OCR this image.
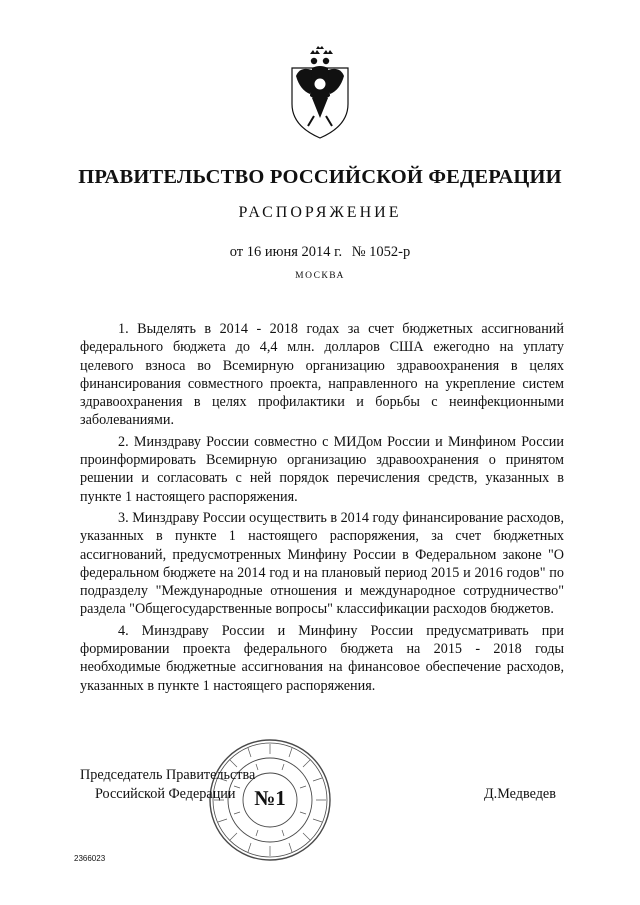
ПРАВИТЕЛЬСТВО РОССИЙСКОЙ ФЕДЕРАЦИИ
РАСПОРЯЖЕНИЕ
от 16 июня 2014 г. № 1052-р
МОСКВА

1. Выделять в 2014 - 2018 годах за счет бюджетных ассигнований федерального бюджета до 4,4 млн. долларов США ежегодно на уплату целевого взноса во Всемирную организацию здравоохранения в целях финансирования совместного проекта, направленного на укрепление систем здравоохранения в целях профилактики и борьбы с неинфекционными заболеваниями.

2. Минздраву России совместно с МИДом России и Минфином России проинформировать Всемирную организацию здравоохранения о принятом решении и согласовать с ней порядок перечисления средств, указанных в пункте 1 настоящего распоряжения.

3. Минздраву России осуществить в 2014 году финансирование расходов, указанных в пункте 1 настоящего распоряжения, за счет бюджетных ассигнований, предусмотренных Минфину России в Федеральном законе "О федеральном бюджете на 2014 год и на плановый период 2015 и 2016 годов" по подразделу "Международные отношения и международное сотрудничество" раздела "Общегосударственные вопросы" классификации расходов бюджетов.

4. Минздраву России и Минфину России предусматривать при формировании проекта федерального бюджета на 2015 - 2018 годы необходимые бюджетные ассигнования на финансовое обеспечение расходов, указанных в пункте 1 настоящего распоряжения.

№1
Председатель Правительства
Российской Федерации	Д.Медведев
2366023
